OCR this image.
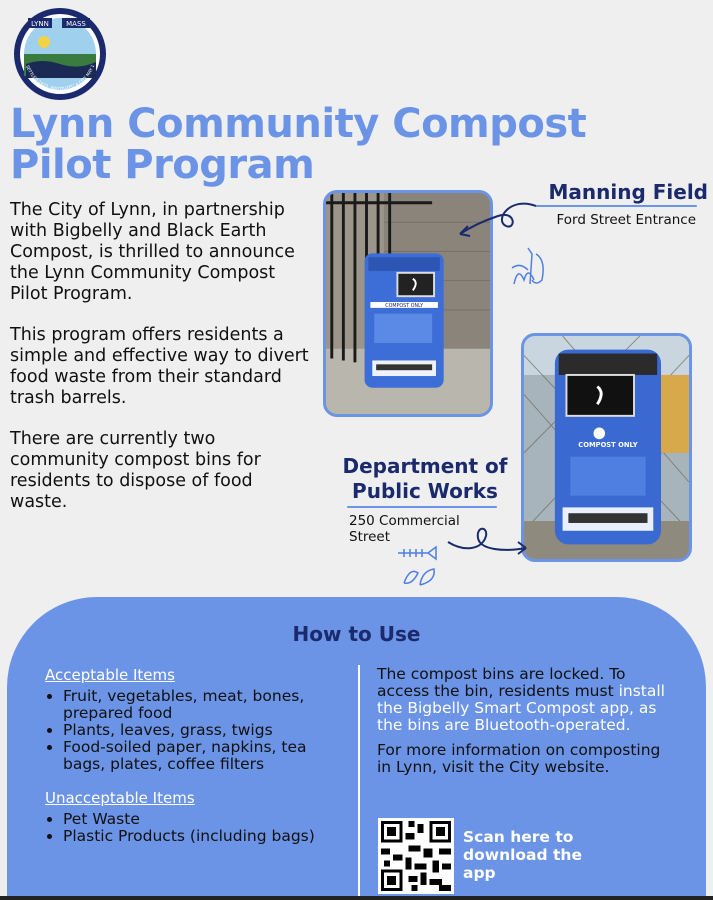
LYNN MASS
SETTLED 1629. INSTITUTED A CITY MAY 1
Lynn Community Compost Pilot Program

The City of Lynn, in partnership with Bigbelly and Black Earth Compost, is thrilled to announce the Lynn Community Compost Pilot Program.

This program offers residents a simple and effective way to divert food waste from their standard trash barrels.

There are currently two community compost bins for residents to dispose of food waste.

COMPOST ONLY
COMPOST ONLY
Manning Field
Ford Street Entrance
Department of
Public Works
250 Commercial
Street
How to Use

Acceptable Items

• Fruit, vegetables, meat, bones, prepared food
• Plants, leaves, grass, twigs
• Food-soiled paper, napkins, tea bags, plates, coffee filters

Unacceptable Items

• Pet Waste
• Plastic Products (including bags)

The compost bins are locked. To access the bin, residents must install the Bigbelly Smart Compost app, as the bins are Bluetooth-operated.

For more information on composting in Lynn, visit the City website.

Scan here to
download the
app
